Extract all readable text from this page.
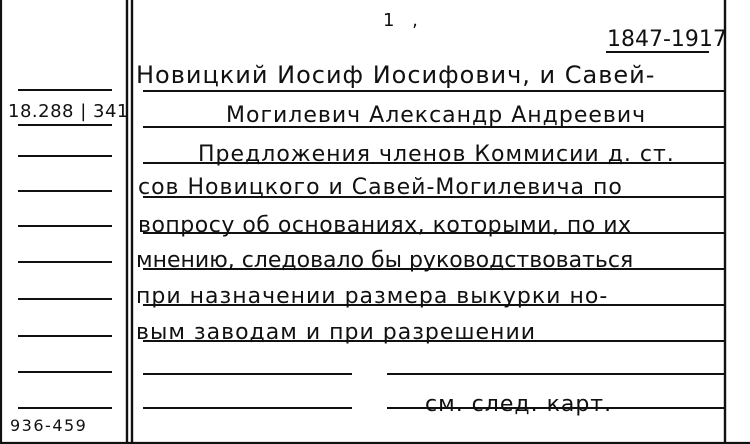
1 ,
1847-1917
18.288 | 341
936-459
Новицкий Иосиф Иосифович, и Савей-
Могилевич Александр Андреевич
Предложения членов Коммисии д. ст.
сов Новицкого и Савей-Могилевича по
вопросу об основаниях, которыми, по их
мнению, следовало бы руководствоваться
при назначении размера выкурки но-
вым заводам и при разрешении
см. след. карт.
